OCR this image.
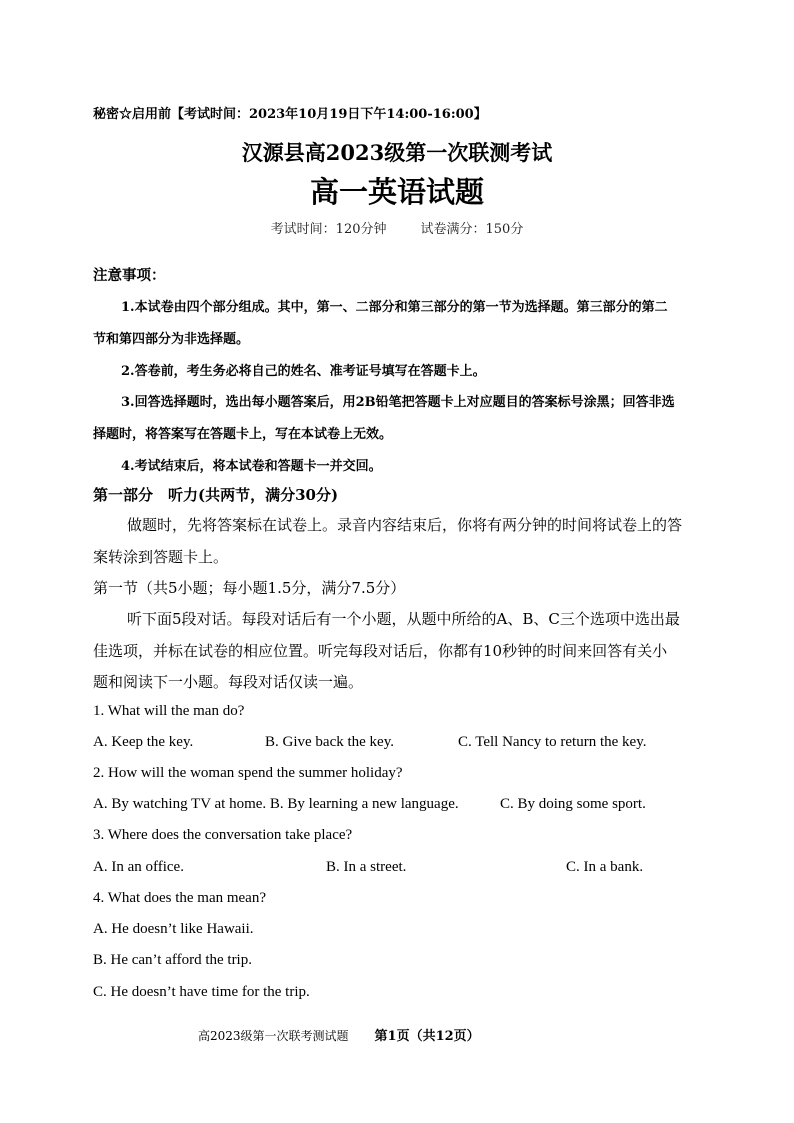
秘密☆启用前【考试时间：2023年10月19日下午14:00-16:00】
汉源县高2023级第一次联测考试
高一英语试题
考试时间：120分钟	试卷满分：150分
注意事项：
1.本试卷由四个部分组成。其中，第一、二部分和第三部分的第一节为选择题。第三部分的第二
节和第四部分为非选择题。
2.答卷前，考生务必将自己的姓名、准考证号填写在答题卡上。
3.回答选择题时，选出每小题答案后，用2B铅笔把答题卡上对应题目的答案标号涂黑；回答非选
择题时，将答案写在答题卡上，写在本试卷上无效。
4.考试结束后，将本试卷和答题卡一并交回。
第一部分　听力(共两节，满分30分)
做题时，先将答案标在试卷上。录音内容结束后，你将有两分钟的时间将试卷上的答
案转涂到答题卡上。
第一节（共5小题；每小题1.5分，满分7.5分）
听下面5段对话。每段对话后有一个小题，从题中所给的A、B、C三个选项中选出最
佳选项，并标在试卷的相应位置。听完每段对话后，你都有10秒钟的时间来回答有关小
题和阅读下一小题。每段对话仅读一遍。
1. What will the man do?
A. Keep the key.	B. Give back the key.	C. Tell Nancy to return the key.
2. How will the woman spend the summer holiday?
A. By watching TV at home. B. By learning a new language.	C. By doing some sport.
3. Where does the conversation take place?
A. In an office.	B. In a street.	C. In a bank.
4. What does the man mean?
A. He doesn’t like Hawaii.
B. He can’t afford the trip.
C. He doesn’t have time for the trip.
高2023级第一次联考测试题 第1页（共12页）
